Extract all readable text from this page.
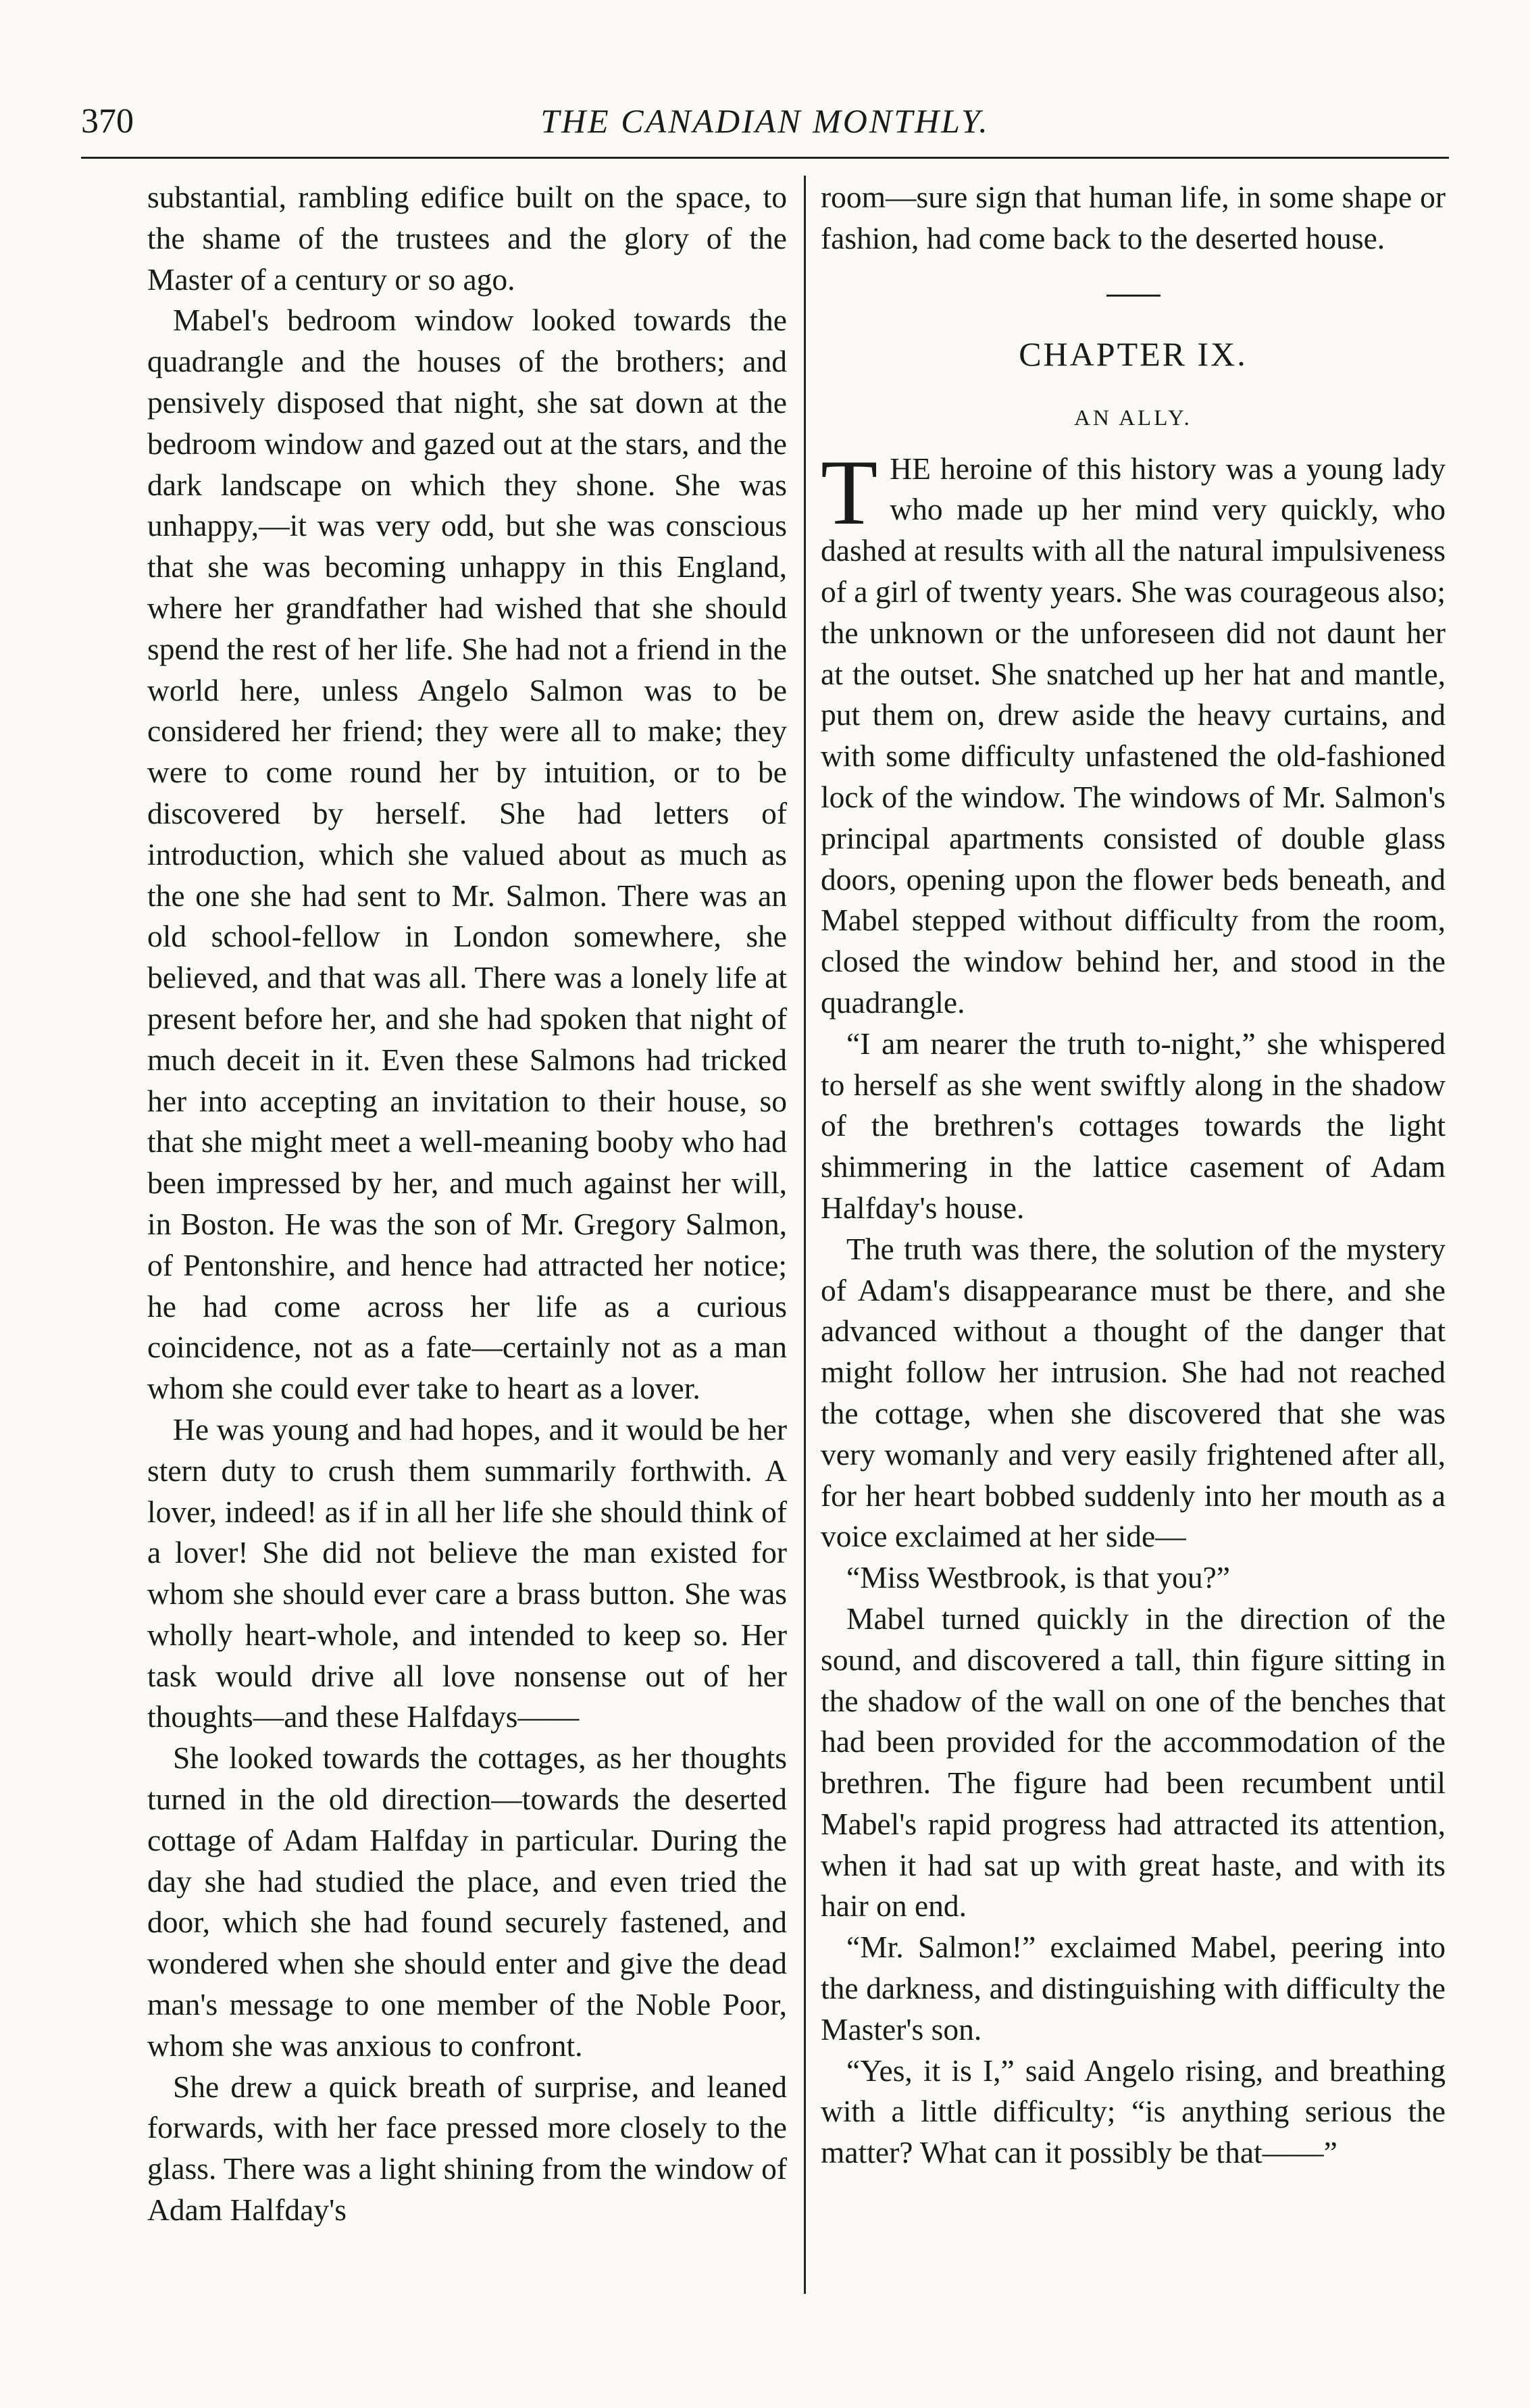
370	THE CANADIAN MONTHLY.

substantial, rambling edifice built on the space, to the shame of the trustees and the glory of the Master of a century or so ago.

Mabel's bedroom window looked towards the quadrangle and the houses of the brothers; and pensively disposed that night, she sat down at the bedroom window and gazed out at the stars, and the dark landscape on which they shone. She was unhappy,—it was very odd, but she was conscious that she was becoming unhappy in this England, where her grandfather had wished that she should spend the rest of her life. She had not a friend in the world here, unless Angelo Salmon was to be considered her friend; they were all to make; they were to come round her by intuition, or to be discovered by herself. She had letters of introduction, which she valued about as much as the one she had sent to Mr. Salmon. There was an old school-fellow in London somewhere, she believed, and that was all. There was a lonely life at present before her, and she had spoken that night of much deceit in it. Even these Salmons had tricked her into accepting an invitation to their house, so that she might meet a well-meaning booby who had been impressed by her, and much against her will, in Boston. He was the son of Mr. Gregory Salmon, of Pentonshire, and hence had attracted her notice; he had come across her life as a curious coincidence, not as a fate—certainly not as a man whom she could ever take to heart as a lover.

He was young and had hopes, and it would be her stern duty to crush them summarily forthwith. A lover, indeed! as if in all her life she should think of a lover! She did not believe the man existed for whom she should ever care a brass button. She was wholly heart-whole, and intended to keep so. Her task would drive all love nonsense out of her thoughts—and these Halfdays——

She looked towards the cottages, as her thoughts turned in the old direction—towards the deserted cottage of Adam Halfday in particular. During the day she had studied the place, and even tried the door, which she had found securely fastened, and wondered when she should enter and give the dead man's message to one member of the Noble Poor, whom she was anxious to confront.

She drew a quick breath of surprise, and leaned forwards, with her face pressed more closely to the glass. There was a light shining from the window of Adam Halfday's

room—sure sign that human life, in some shape or fashion, had come back to the deserted house.

CHAPTER IX.
AN ALLY.

THE heroine of this history was a young lady who made up her mind very quickly, who dashed at results with all the natural impulsiveness of a girl of twenty years. She was courageous also; the unknown or the unforeseen did not daunt her at the outset. She snatched up her hat and mantle, put them on, drew aside the heavy curtains, and with some difficulty unfastened the old-fashioned lock of the window. The windows of Mr. Salmon's principal apartments consisted of double glass doors, opening upon the flower beds beneath, and Mabel stepped without difficulty from the room, closed the window behind her, and stood in the quadrangle.

“I am nearer the truth to-night,” she whispered to herself as she went swiftly along in the shadow of the brethren's cottages towards the light shimmering in the lattice casement of Adam Halfday's house.

The truth was there, the solution of the mystery of Adam's disappearance must be there, and she advanced without a thought of the danger that might follow her intrusion. She had not reached the cottage, when she discovered that she was very womanly and very easily frightened after all, for her heart bobbed suddenly into her mouth as a voice exclaimed at her side—

“Miss Westbrook, is that you?”

Mabel turned quickly in the direction of the sound, and discovered a tall, thin figure sitting in the shadow of the wall on one of the benches that had been provided for the accommodation of the brethren. The figure had been recumbent until Mabel's rapid progress had attracted its attention, when it had sat up with great haste, and with its hair on end.

“Mr. Salmon!” exclaimed Mabel, peering into the darkness, and distinguishing with difficulty the Master's son.

“Yes, it is I,” said Angelo rising, and breathing with a little difficulty; “is anything serious the matter? What can it possibly be that——”
